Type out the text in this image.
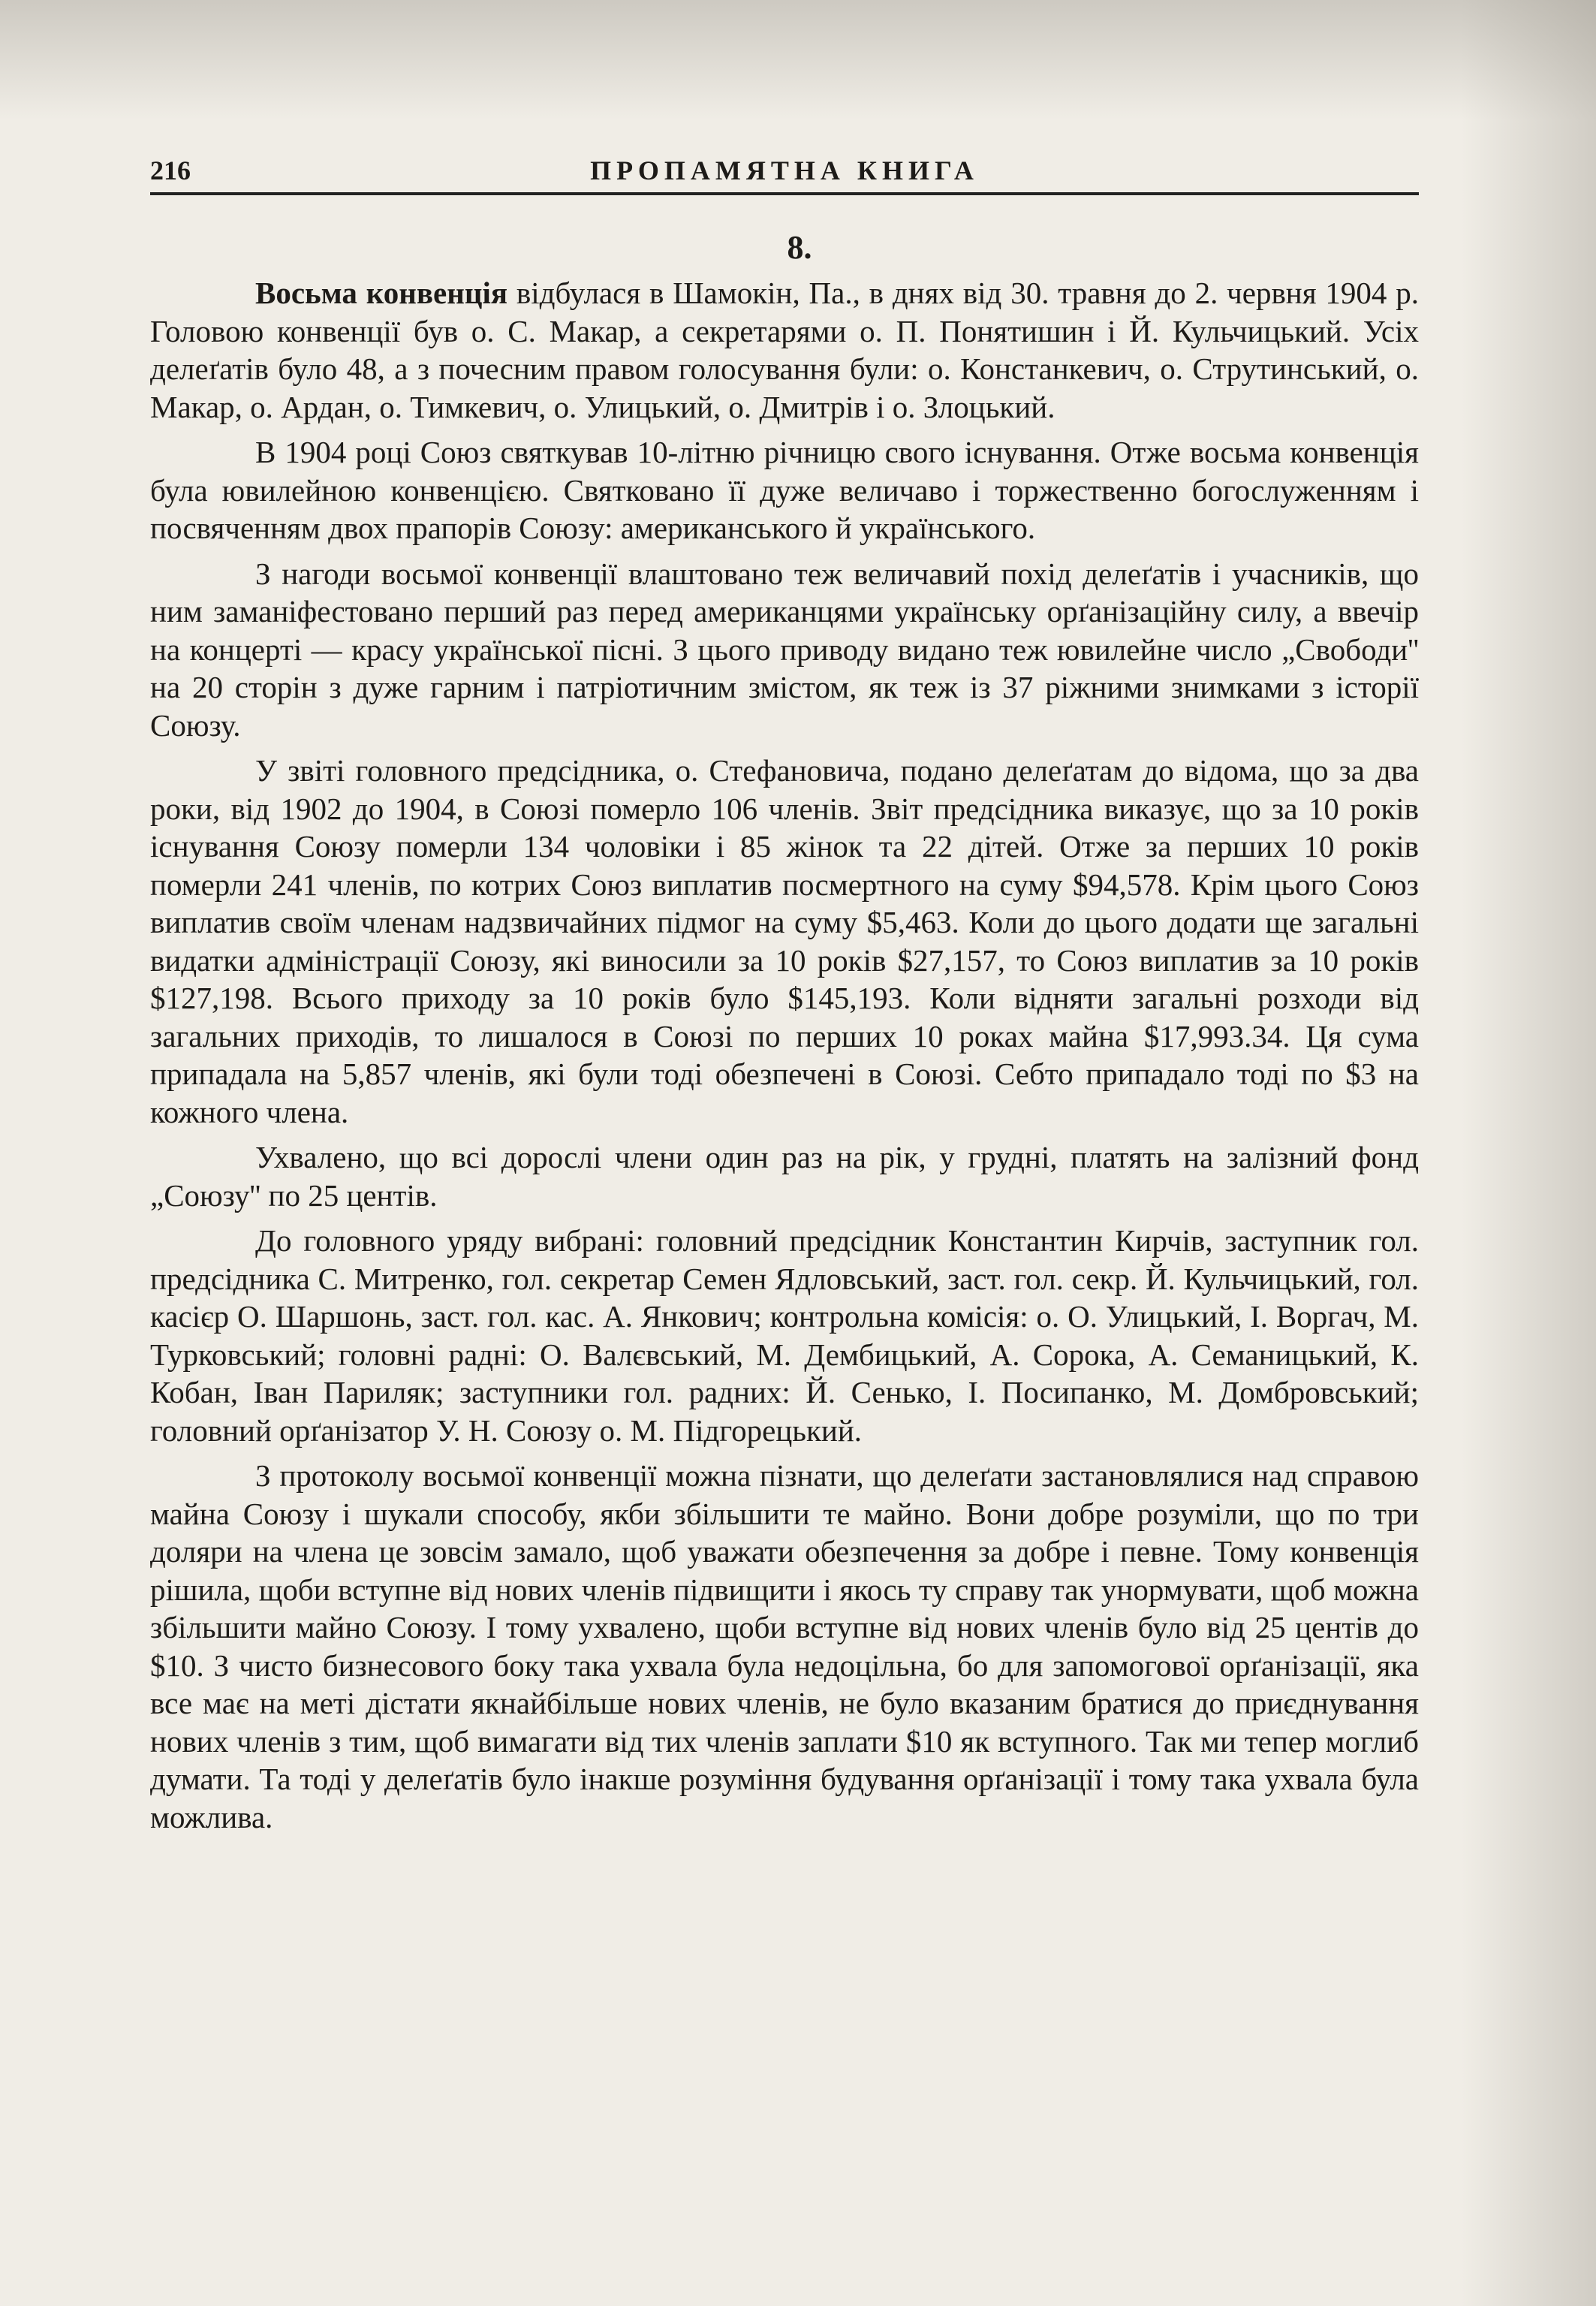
216	ПРОПАМЯТНА КНИГА
8.

Восьма конвенція відбулася в Шамокін, Па., в днях від 30. травня до 2. червня 1904 р. Головою конвенції був о. С. Макар, а секретарями о. П. Понятишин і Й. Кульчицький. Усіх делеґатів було 48, а з почесним правом голосування були: о. Констанкевич, о. Струтинський, о. Макар, о. Ардан, о. Тимкевич, о. Улицький, о. Дмитрів і о. Злоцький.

В 1904 році Союз святкував 10-літню річницю свого існування. Отже восьма конвенція була ювилейною конвенцією. Святковано її дуже величаво і торжественно богослуженням і посвяченням двох прапорів Союзу: американського й українського.

З нагоди восьмої конвенції влаштовано теж величавий похід делеґатів і учасників, що ним заманіфестовано перший раз перед американцями українську орґанізаційну силу, а ввечір на концерті — красу української пісні. З цього приводу видано теж ювилейне число „Свободи'' на 20 сторін з дуже гарним і патріотичним змістом, як теж із 37 ріжними знимками з історії Союзу.

У звіті головного предсідника, о. Стефановича, подано делеґатам до відома, що за два роки, від 1902 до 1904, в Союзі померло 106 членів. Звіт предсідника виказує, що за 10 років існування Союзу померли 134 чоловіки і 85 жінок та 22 дітей. Отже за перших 10 років померли 241 членів, по котрих Союз виплатив посмертного на суму $94,578. Крім цього Союз виплатив своїм членам надзвичайних підмог на суму $5,463. Коли до цього додати ще загальні видатки адміністрації Союзу, які виносили за 10 років $27,157, то Союз виплатив за 10 років $127,198. Всього приходу за 10 років було $145,193. Коли відняти загальні розходи від загальних приходів, то лишалося в Союзі по перших 10 роках майна $17,993.34. Ця сума припадала на 5,857 членів, які були тоді обезпечені в Союзі. Себто припадало тоді по $3 на кожного члена.

Ухвалено, що всі дорослі члени один раз на рік, у грудні, платять на залізний фонд „Союзу'' по 25 центів.

До головного уряду вибрані: головний предсідник Константин Кирчів, заступник гол. предсідника С. Митренко, гол. секретар Семен Ядловський, заст. гол. секр. Й. Кульчицький, гол. касієр О. Шаршонь, заст. гол. кас. А. Янкович; контрольна комісія: о. О. Улицький, І. Воргач, М. Турковський; головні радні: О. Валєвський, М. Дембицький, А. Сорока, А. Семаницький, К. Кобан, Іван Париляк; заступники гол. радних: Й. Сенько, І. Посипанко, М. Домбровський; головний орґанізатор У. Н. Союзу о. М. Підгорецький.

З протоколу восьмої конвенції можна пізнати, що делеґати застановлялися над справою майна Союзу і шукали способу, якби збільшити те майно. Вони добре розуміли, що по три доляри на члена це зовсім замало, щоб уважати обезпечення за добре і певне. Тому конвенція рішила, щоби вступне від нових членів підвищити і якось ту справу так унормувати, щоб можна збільшити майно Союзу. І тому ухвалено, щоби вступне від нових членів було від 25 центів до $10. З чисто бизнесового боку така ухвала була недоцільна, бо для запомогової орґанізації, яка все має на меті дістати якнайбільше нових членів, не було вказаним братися до приєднування нових членів з тим, щоб вимагати від тих членів заплати $10 як вступного. Так ми тепер моглиб думати. Та тоді у делеґатів було інакше розуміння будування орґанізації і тому така ухвала була можлива.
